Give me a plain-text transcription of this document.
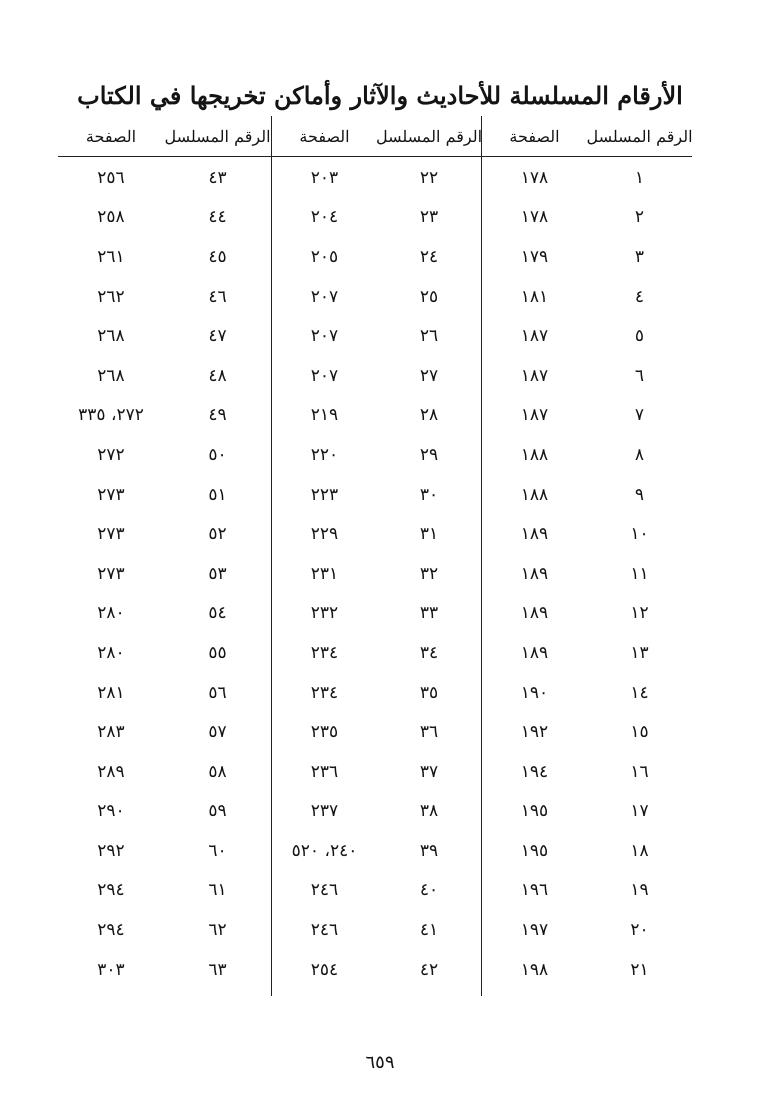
الأرقام المسلسلة للأحاديث والآثار وأماكن تخريجها في الكتاب
الرقم المسلسل
الصفحة
١
١٧٨
٢
١٧٨
٣
١٧٩
٤
١٨١
٥
١٨٧
٦
١٨٧
٧
١٨٧
٨
١٨٨
٩
١٨٨
١٠
١٨٩
١١
١٨٩
١٢
١٨٩
١٣
١٨٩
١٤
١٩٠
١٥
١٩٢
١٦
١٩٤
١٧
١٩٥
١٨
١٩٥
١٩
١٩٦
٢٠
١٩٧
٢١
١٩٨
الرقم المسلسل
الصفحة
٢٢
٢٠٣
٢٣
٢٠٤
٢٤
٢٠٥
٢٥
٢٠٧
٢٦
٢٠٧
٢٧
٢٠٧
٢٨
٢١٩
٢٩
٢٢٠
٣٠
٢٢٣
٣١
٢٢٩
٣٢
٢٣١
٣٣
٢٣٢
٣٤
٢٣٤
٣٥
٢٣٤
٣٦
٢٣٥
٣٧
٢٣٦
٣٨
٢٣٧
٣٩
٢٤٠، ٥٢٠
٤٠
٢٤٦
٤١
٢٤٦
٤٢
٢٥٤
الرقم المسلسل
الصفحة
٤٣
٢٥٦
٤٤
٢٥٨
٤٥
٢٦١
٤٦
٢٦٢
٤٧
٢٦٨
٤٨
٢٦٨
٤٩
٢٧٢، ٣٣٥
٥٠
٢٧٢
٥١
٢٧٣
٥٢
٢٧٣
٥٣
٢٧٣
٥٤
٢٨٠
٥٥
٢٨٠
٥٦
٢٨١
٥٧
٢٨٣
٥٨
٢٨٩
٥٩
٢٩٠
٦٠
٢٩٢
٦١
٢٩٤
٦٢
٢٩٤
٦٣
٣٠٣
٦٥٩
